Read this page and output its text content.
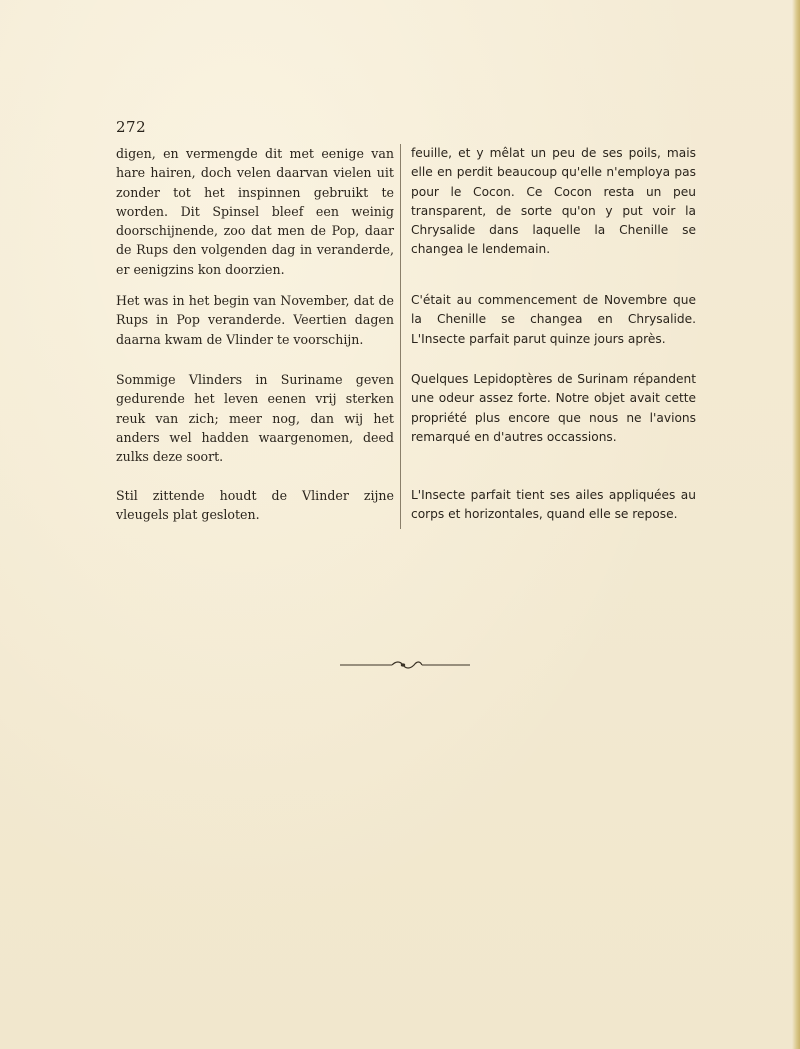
272
digen, en vermengde dit met eenige van hare hairen, doch velen daarvan vielen uit zonder tot het inspinnen gebruikt te worden. Dit Spinsel bleef een weinig doorschijnende, zoo dat men de Pop, daar de Rups den volgenden dag in veranderde, er eenigzins kon doorzien.
Het was in het begin van November, dat de Rups in Pop veranderde. Veertien dagen daarna kwam de Vlinder te voorschijn.
Sommige Vlinders in Suriname geven gedurende het leven eenen vrij sterken reuk van zich; meer nog, dan wij het anders wel hadden waargenomen, deed zulks deze soort.
Stil zittende houdt de Vlinder zijne vleugels plat gesloten.
feuille, et y mêlat un peu de ses poils, mais elle en perdit beaucoup qu'elle n'employa pas pour le Cocon. Ce Cocon resta un peu transparent, de sorte qu'on y put voir la Chrysalide dans laquelle la Chenille se changea le lendemain.
C'était au commencement de Novembre que la Chenille se changea en Chrysalide. L'Insecte parfait parut quinze jours après.
Quelques Lepidoptères de Surinam répandent une odeur assez forte. Notre objet avait cette propriété plus encore que nous ne l'avions remarqué en d'autres occassions.
L'Insecte parfait tient ses ailes appliquées au corps et horizontales, quand elle se repose.
